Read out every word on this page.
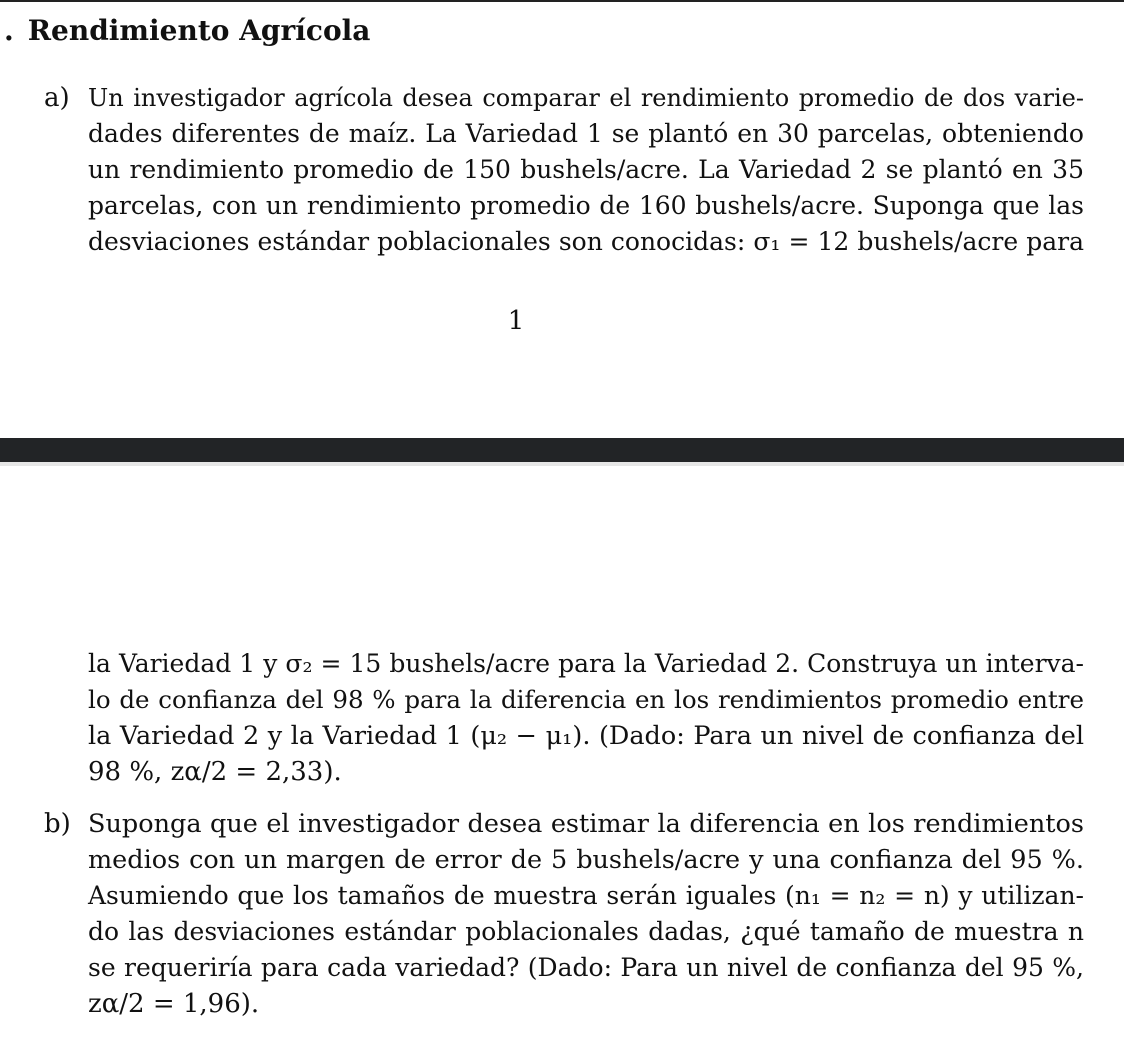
. Rendimiento Agrícola
a) Un investigador agrícola desea comparar el rendimiento promedio de dos varie-
dades diferentes de maíz. La Variedad 1 se plantó en 30 parcelas, obteniendo
un rendimiento promedio de 150 bushels/acre. La Variedad 2 se plantó en 35
parcelas, con un rendimiento promedio de 160 bushels/acre. Suponga que las
desviaciones estándar poblacionales son conocidas: σ₁ = 12 bushels/acre para
1
la Variedad 1 y σ₂ = 15 bushels/acre para la Variedad 2. Construya un interva-
lo de confianza del 98 % para la diferencia en los rendimientos promedio entre
la Variedad 2 y la Variedad 1 (μ₂ − μ₁). (Dado: Para un nivel de confianza del
98 %, zα/2 = 2,33).
b) Suponga que el investigador desea estimar la diferencia en los rendimientos
medios con un margen de error de 5 bushels/acre y una confianza del 95 %.
Asumiendo que los tamaños de muestra serán iguales (n₁ = n₂ = n) y utilizan-
do las desviaciones estándar poblacionales dadas, ¿qué tamaño de muestra n
se requeriría para cada variedad? (Dado: Para un nivel de confianza del 95 %,
zα/2 = 1,96).
